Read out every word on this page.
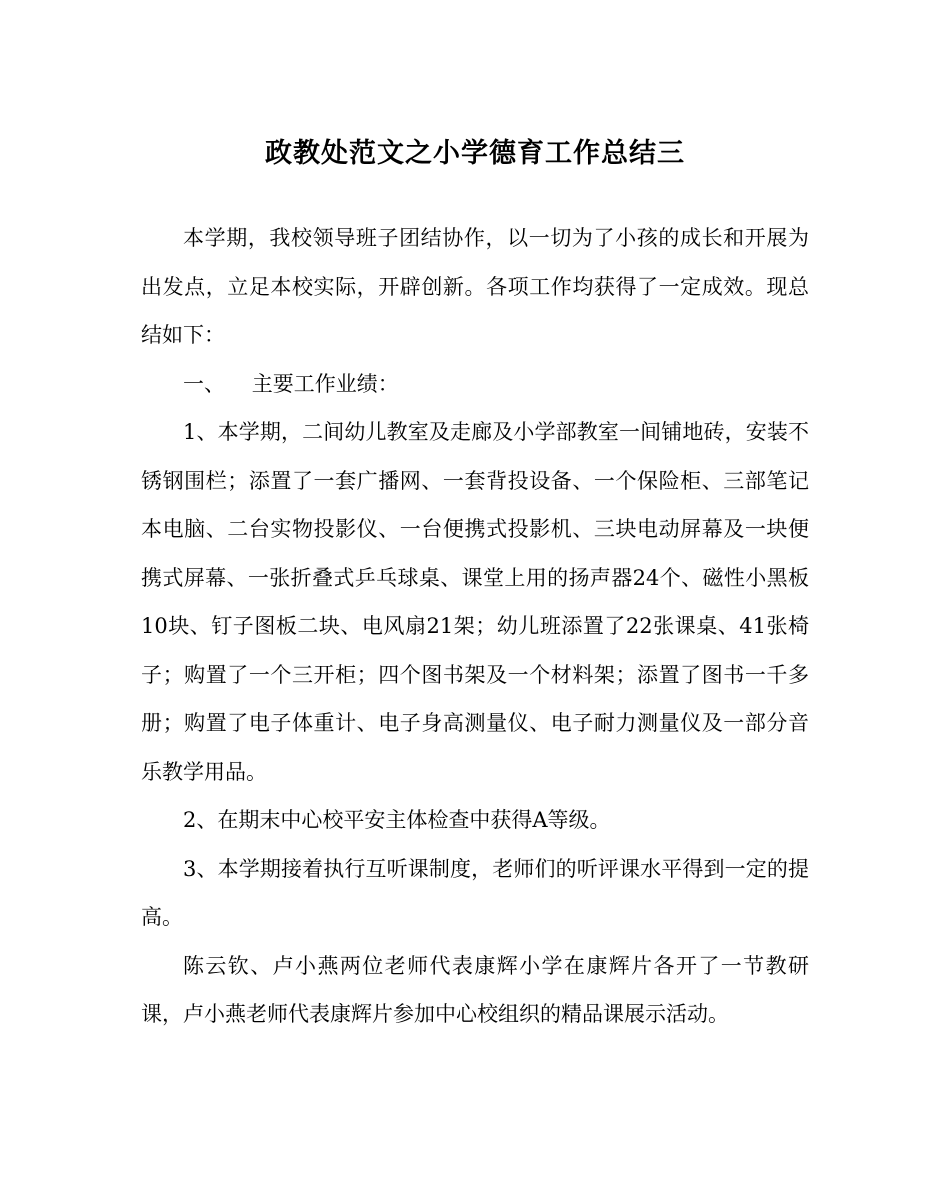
政教处范文之小学德育工作总结三

本学期，我校领导班子团结协作，以一切为了小孩的成长和开展为出发点，立足本校实际，开辟创新。各项工作均获得了一定成效。现总结如下：

一、    主要工作业绩：

1、本学期，二间幼儿教室及走廊及小学部教室一间铺地砖，安装不锈钢围栏；添置了一套广播网、一套背投设备、一个保险柜、三部笔记本电脑、二台实物投影仪、一台便携式投影机、三块电动屏幕及一块便携式屏幕、一张折叠式乒乓球桌、课堂上用的扬声器24个、磁性小黑板10块、钉子图板二块、电风扇21架；幼儿班添置了22张课桌、41张椅子；购置了一个三开柜；四个图书架及一个材料架；添置了图书一千多册；购置了电子体重计、电子身高测量仪、电子耐力测量仪及一部分音乐教学用品。

2、在期末中心校平安主体检查中获得A等级。

3、本学期接着执行互听课制度，老师们的听评课水平得到一定的提高。

陈云钦、卢小燕两位老师代表康辉小学在康辉片各开了一节教研课，卢小燕老师代表康辉片参加中心校组织的精品课展示活动。
